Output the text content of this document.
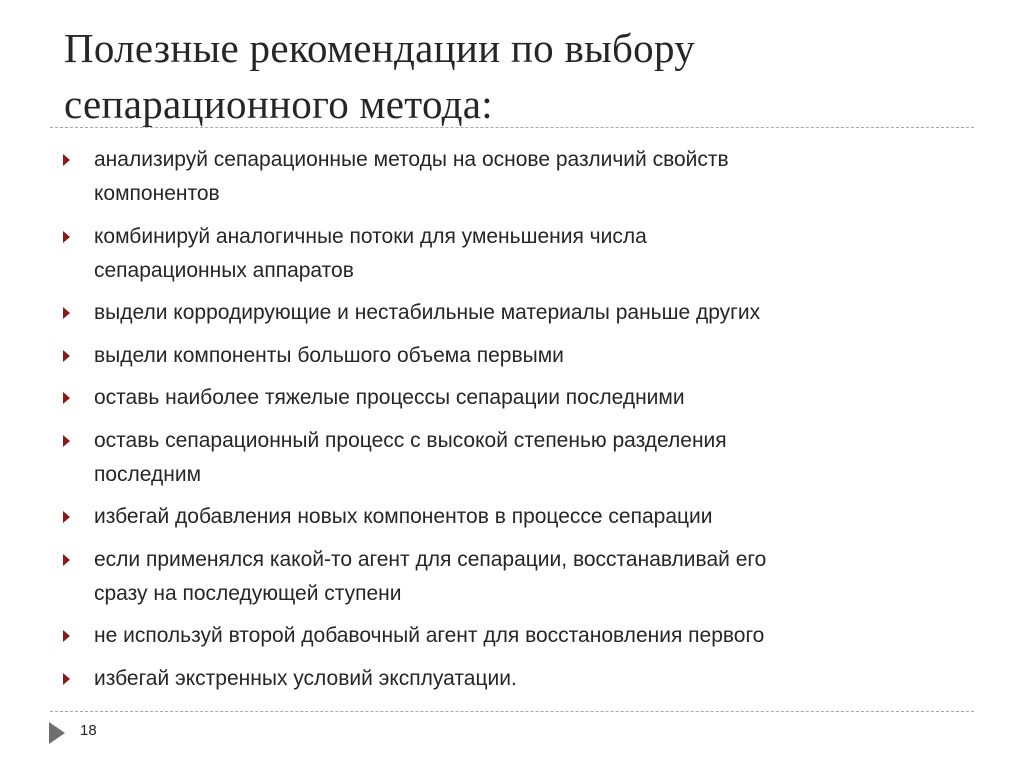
Полезные рекомендации по выбору
сепарационного метода:
анализируй сепарационные методы на основе различий свойств
компонентов
комбинируй аналогичные потоки для уменьшения числа
сепарационных аппаратов
выдели корродирующие и нестабильные материалы раньше других
выдели компоненты большого объема первыми
оставь наиболее тяжелые процессы сепарации последними
оставь сепарационный процесс с высокой степенью разделения
последним
избегай добавления новых компонентов в процессе сепарации
если применялся какой-то агент для сепарации, восстанавливай его
сразу на последующей ступени
не используй второй добавочный агент для восстановления первого
избегай экстренных условий эксплуатации.
18
